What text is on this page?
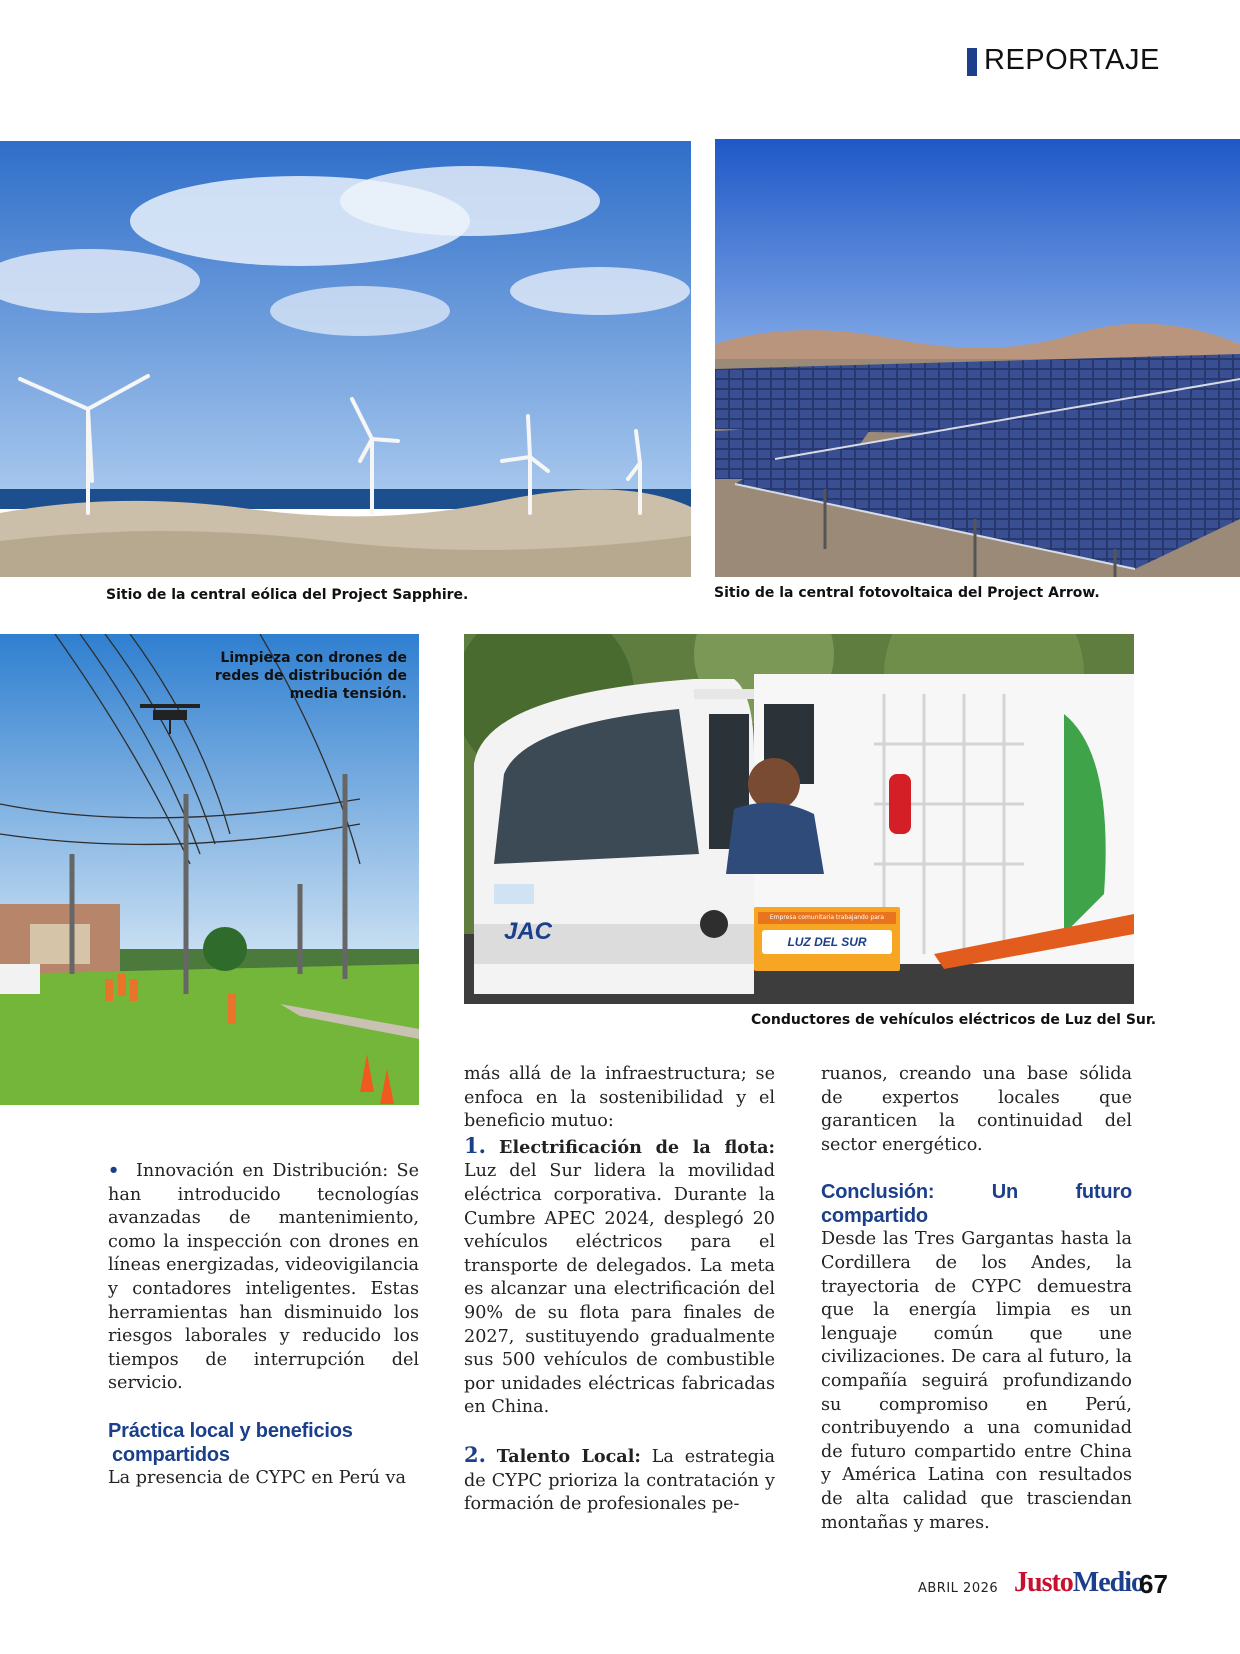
REPORTAJE
Sitio de la central eólica del Project Sapphire.	Sitio de la central fotovoltaica del Project Arrow.
Limpieza con drones de
redes de distribución de
media tensión.
JAC
Empresa comunitaria trabajando para
LUZ DEL SUR
Conductores de vehículos eléctricos de Luz del Sur.

• Innovación en Distribución: Se han introducido tecnologías avanzadas de mantenimiento, como la inspección con drones en líneas energizadas, videovigilancia y contadores inteligentes. Estas herramientas han disminuido los riesgos laborales y reducido los tiempos de interrupción del servicio.

Práctica local y beneficios
compartidos

La presencia de CYPC en Perú va

más allá de la infraestructura; se enfoca en la sostenibilidad y el beneficio mutuo:

1. Electrificación de la flota: Luz del Sur lidera la movilidad eléctrica corporativa. Durante la Cumbre APEC 2024, desplegó 20 vehículos eléctricos para el transporte de delegados. La meta es alcanzar una electrificación del 90% de su flota para finales de 2027, sustituyendo gradualmente sus 500 vehículos de combustible por unidades eléctricas fabricadas en China.

2. Talento Local: La estrategia de CYPC prioriza la contratación y formación de profesionales pe-

ruanos, creando una base sólida de expertos locales que garanticen la continuidad del sector energético.

Conclusión: Un futuro compartido

Desde las Tres Gargantas hasta la Cordillera de los Andes, la trayectoria de CYPC demuestra que la energía limpia es un lenguaje común que une civilizaciones. De cara al futuro, la compañía seguirá profundizando su compromiso en Perú, contribuyendo a una comunidad de futuro compartido entre China y América Latina con resultados de alta calidad que trasciendan montañas y mares.

ABRIL 2026 JustoMedio
67
